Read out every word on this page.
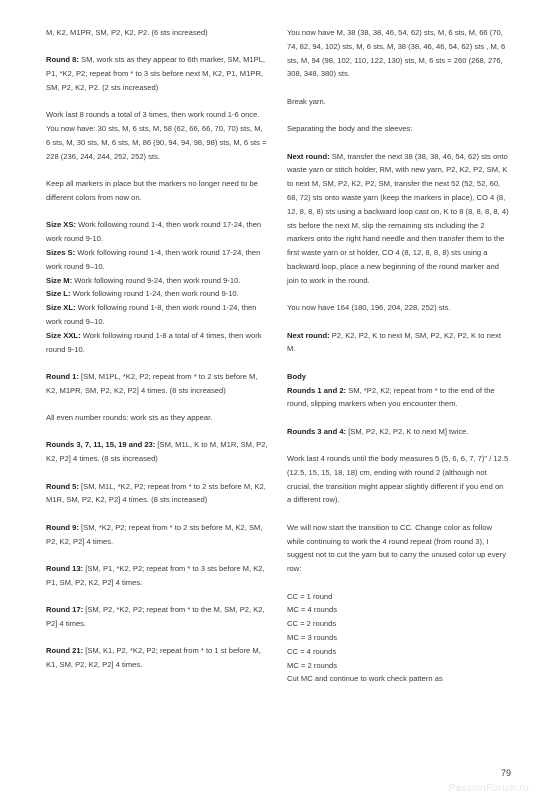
M, K2, M1PR, SM, P2, K2, P2. (6 sts increased)
Round 8: SM, work sts as they appear to 6th marker, SM, M1PL, P1, *K2, P2; repeat from * to 3 sts before next M, K2, P1, M1PR, SM, P2, K2, P2. (2 sts increased)
Work last 8 rounds a total of 3 times, then work round 1-6 once. You now have: 30 sts, M, 6 sts, M, 58 (62, 66, 66, 70, 70) sts, M, 6 sts, M, 30 sts, M, 6 sts, M, 86 (90, 94, 94, 98, 98) sts, M, 6 sts = 228 (236, 244, 244, 252, 252) sts.
Keep all markers in place but the markers no longer need to be different colors from now on.
Size XS: Work following round 1-4, then work round 17-24, then work round 9-10.
Sizes S: Work following round 1-4, then work round 17-24, then work round 9–10.
Size M: Work following round 9-24, then work round 9-10.
Size L: Work following round 1-24, then work round 9-10.
Size XL: Work following round 1-8, then work round 1-24, then work round 9–10.
Size XXL: Work following round 1-8 a total of 4 times, then work round 9-10.
Round 1: [SM, M1PL, *K2, P2; repeat from * to 2 sts before M, K2, M1PR, SM, P2, K2, P2] 4 times. (8 sts increased)
All even number rounds: work sts as they appear.
Rounds 3, 7, 11, 15, 19 and 23: [SM, M1L, K to M, M1R, SM, P2, K2, P2] 4 times. (8 sts increased)
Round 5: [SM, M1L, *K2, P2; repeat from * to 2 sts before M, K2, M1R, SM, P2, K2, P2] 4 times. (8 sts increased)
Round 9: [SM, *K2, P2; repeat from * to 2 sts before M, K2, SM, P2, K2, P2] 4 times.
Round 13: [SM, P1, *K2, P2; repeat from * to 3 sts before M, K2, P1, SM, P2, K2, P2] 4 times.
Round 17: [SM, P2, *K2, P2; repeat from * to the M, SM, P2, K2, P2] 4 times.
Round 21: [SM, K1, P2, *K2, P2; repeat from * to 1 st before M, K1, SM, P2, K2, P2] 4 times.
You now have M, 38 (38, 38, 46, 54, 62) sts, M, 6 sts, M, 66 (70, 74, 82, 94, 102) sts, M, 6 sts, M, 38 (38, 46, 46, 54, 62) sts , M, 6 sts, M, 94 (98, 102, 110, 122, 130) sts, M, 6 sts = 260 (268, 276, 308, 348, 380) sts.
Break yarn.
Separating the body and the sleeves:
Next round: SM, transfer the next 38 (38, 38, 46, 54, 62) sts onto waste yarn or stitch holder, RM, with new yarn, P2, K2, P2, SM, K to next M, SM, P2, K2, P2, SM, transfer the next 52 (52, 52, 60, 68, 72) sts onto waste yarn (keep the markers in place), CO 4 (8, 12, 8, 8, 8) sts using a backward loop cast on, K to 8 (8, 8, 8, 8, 4) sts before the next M, slip the remaining sts including the 2 markers onto the right hand needle and then transfer them to the first waste yarn or st holder, CO 4 (8, 12, 8, 8, 8) sts using a backward loop, place a new beginning of the round marker and join to work in the round.
You now have 164 (180, 196, 204, 228, 252) sts.
Next round: P2, K2, P2, K to next M, SM, P2, K2, P2, K to next M.
Body
Rounds 1 and 2: SM, *P2, K2; repeat from * to the end of the round, slipping markers when you encounter them.
Rounds 3 and 4: [SM, P2, K2, P2, K to next M] twice.
Work last 4 rounds until the body measures 5 (5, 6, 6, 7, 7)" / 12.5 (12.5, 15, 15, 18, 18) cm, ending with round 2 (although not crucial, the transition might appear slightly different if you end on a different row).
We will now start the transition to CC. Change color as follow while continuing to work the 4 round repeat (from round 3), I suggest not to cut the yarn but to carry the unused color up every row:
CC = 1 round
MC = 4 rounds
CC = 2 rounds
MC = 3 rounds
CC = 4 rounds
MC = 2 rounds
Cut MC and continue to work check pattern as
79
PassionForum.ru
